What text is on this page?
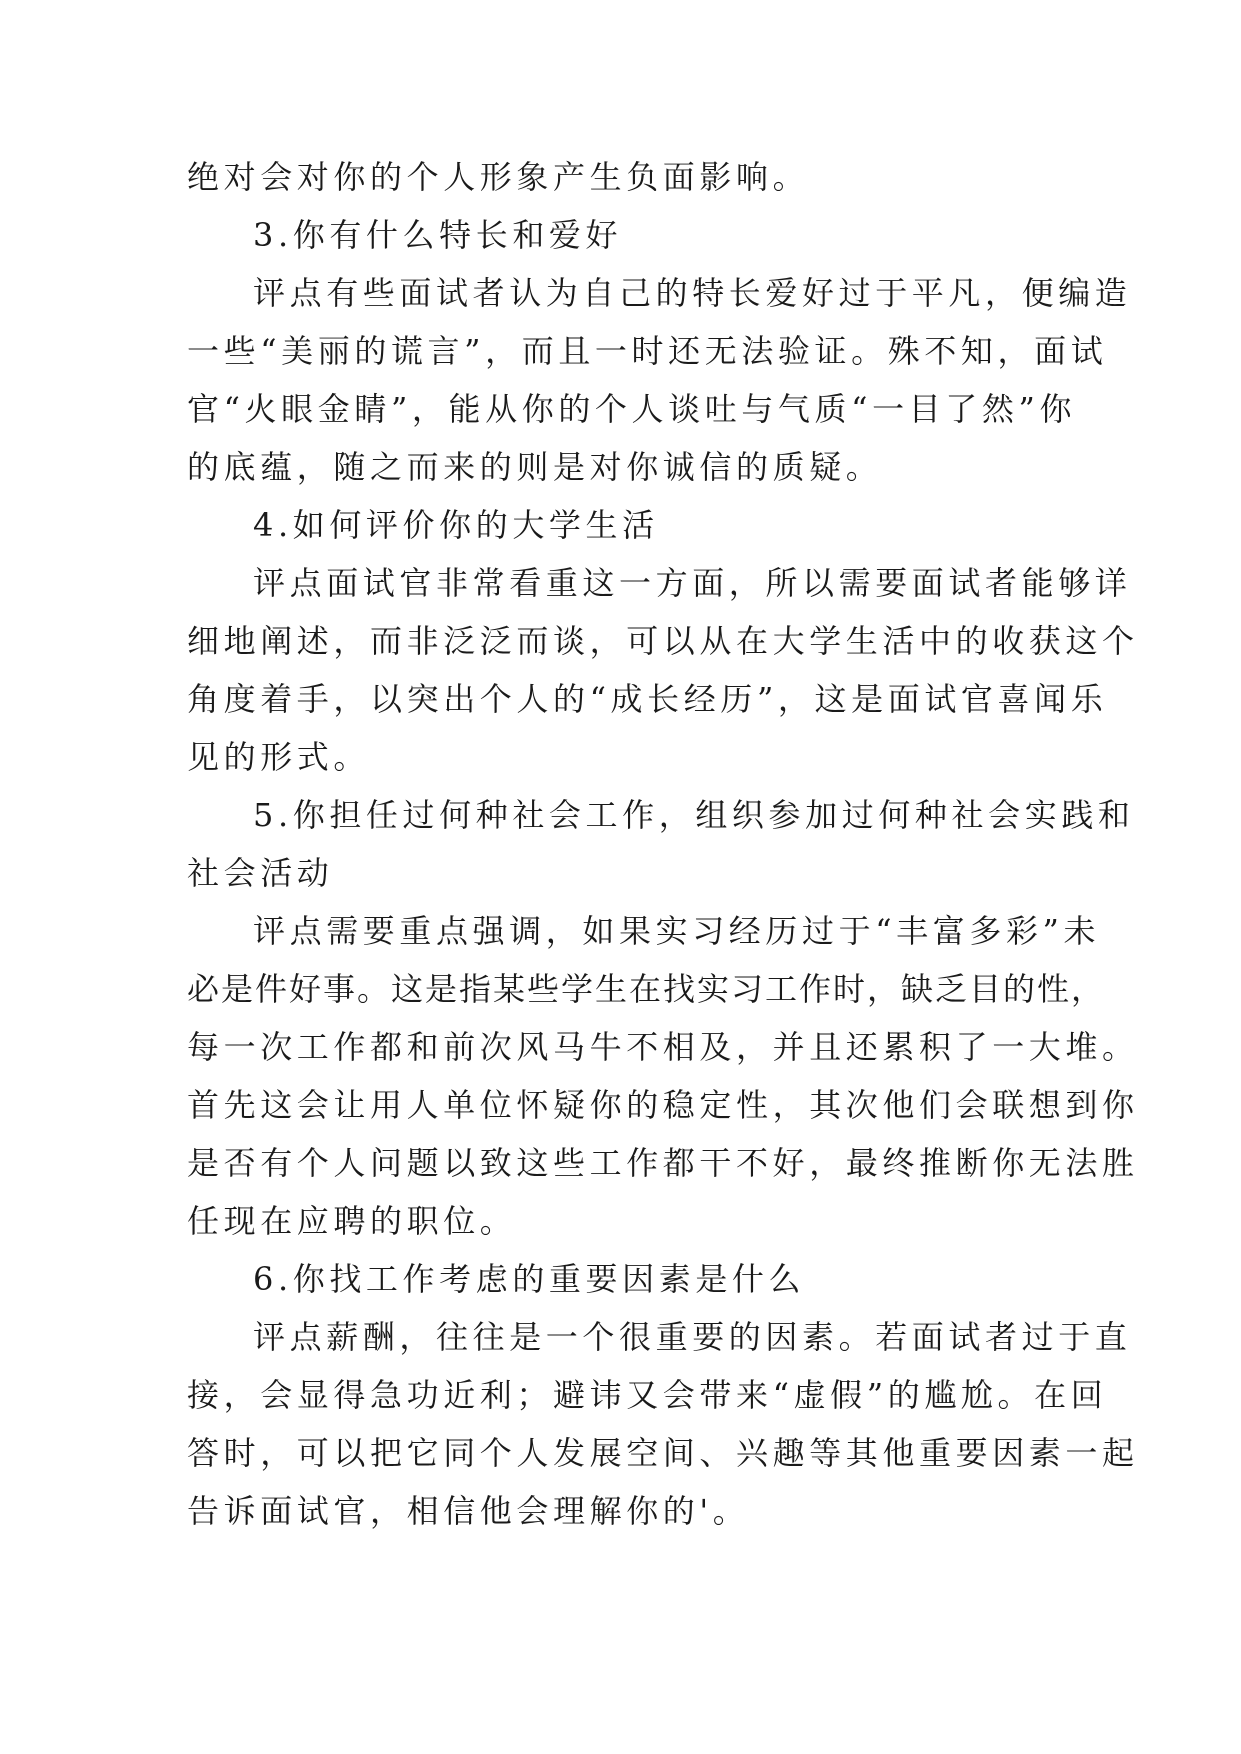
绝对会对你的个人形象产生负面影响。
3.你有什么特长和爱好
评点有些面试者认为自己的特长爱好过于平凡，便编造
一些“美丽的谎言”，而且一时还无法验证。殊不知，面试
官“火眼金睛”，能从你的个人谈吐与气质“一目了然”你
的底蕴，随之而来的则是对你诚信的质疑。
4.如何评价你的大学生活
评点面试官非常看重这一方面，所以需要面试者能够详
细地阐述，而非泛泛而谈，可以从在大学生活中的收获这个
角度着手，以突出个人的“成长经历”，这是面试官喜闻乐
见的形式。
5.你担任过何种社会工作，组织参加过何种社会实践和
社会活动
评点需要重点强调，如果实习经历过于“丰富多彩”未
必是件好事。这是指某些学生在找实习工作时，缺乏目的性，
每一次工作都和前次风马牛不相及，并且还累积了一大堆。
首先这会让用人单位怀疑你的稳定性，其次他们会联想到你
是否有个人问题以致这些工作都干不好，最终推断你无法胜
任现在应聘的职位。
6.你找工作考虑的重要因素是什么
评点薪酬，往往是一个很重要的因素。若面试者过于直
接，会显得急功近利；避讳又会带来“虚假”的尴尬。在回
答时，可以把它同个人发展空间、兴趣等其他重要因素一起
告诉面试官，相信他会理解你的'。
